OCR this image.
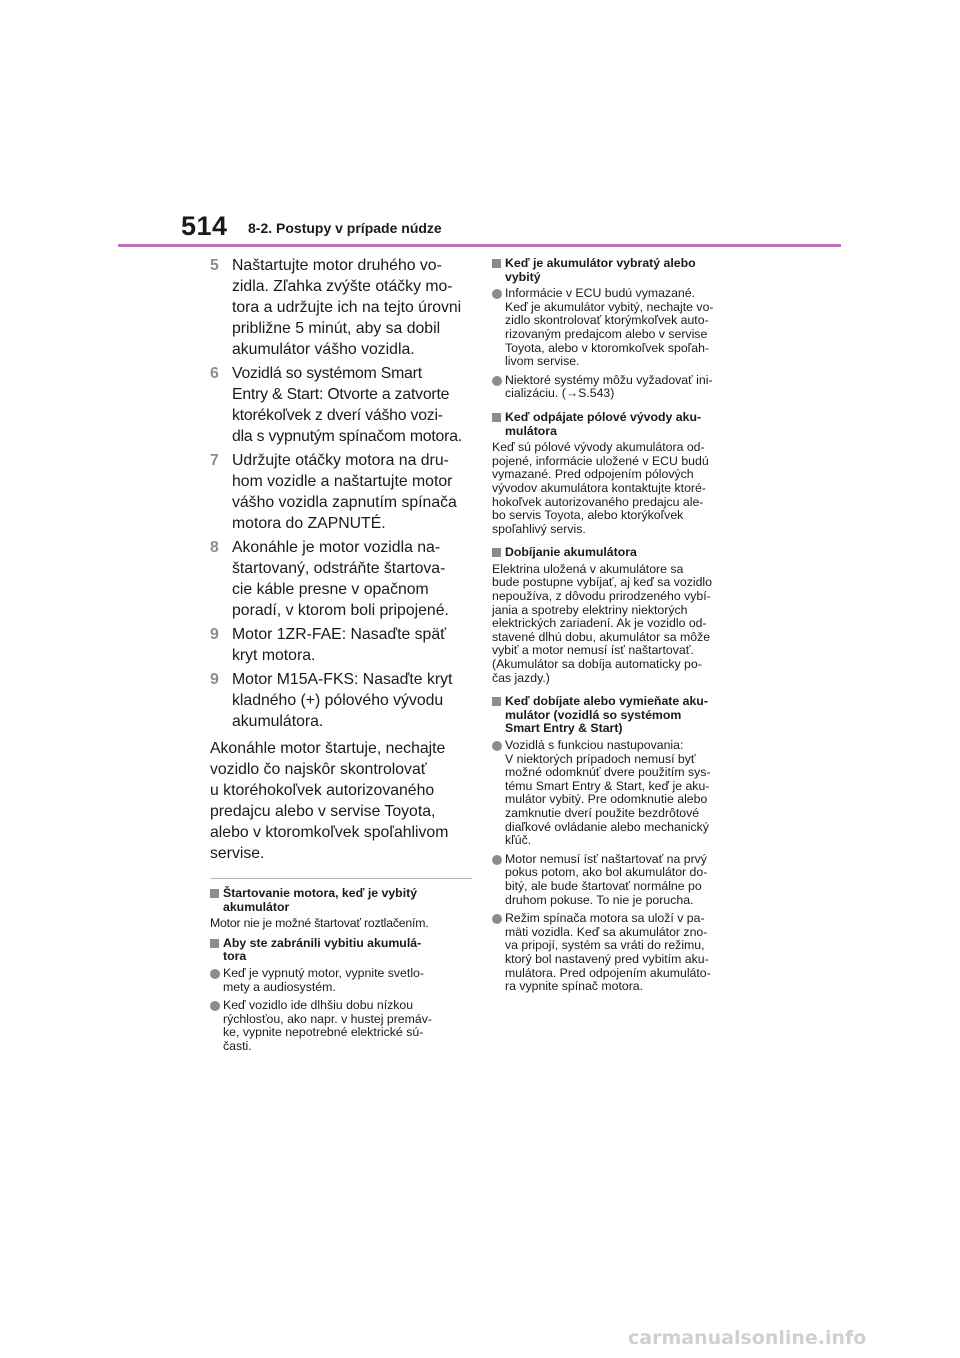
514 8-2. Postupy v prípade núdze
5 Naštartujte motor druhého vo-
zidla. Zľahka zvýšte otáčky mo-
tora a udržujte ich na tejto úrovni
približne 5 minút, aby sa dobil
akumulátor vášho vozidla.
6 Vozidlá so systémom Smart
Entry & Start: Otvorte a zatvorte
ktorékoľvek z dverí vášho vozi-
dla s vypnutým spínačom motora.
7 Udržujte otáčky motora na dru-
hom vozidle a naštartujte motor
vášho vozidla zapnutím spínača
motora do ZAPNUTÉ.
8 Akonáhle je motor vozidla na-
štartovaný, odstráňte štartova-
cie káble presne v opačnom
poradí, v ktorom boli pripojené.
9 Motor 1ZR-FAE: Nasaďte späť
kryt motora.
9 Motor M15A-FKS: Nasaďte kryt
kladného (+) pólového vývodu
akumulátora.
Akonáhle motor štartuje, nechajte
vozidlo čo najskôr skontrolovať
u ktoréhokoľvek autorizovaného
predajcu alebo v servise Toyota,
alebo v ktoromkoľvek spoľahlivom
servise.
Štartovanie motora, keď je vybitý
akumulátor
Motor nie je možné štartovať roztlačením.
Aby ste zabránili vybitiu akumulá-
tora
Keď je vypnutý motor, vypnite svetlo-
mety a audiosystém.
Keď vozidlo ide dlhšiu dobu nízkou
rýchlosťou, ako napr. v hustej premáv-
ke, vypnite nepotrebné elektrické sú-
časti.
Keď je akumulátor vybratý alebo
vybitý
Informácie v ECU budú vymazané.
Keď je akumulátor vybitý, nechajte vo-
zidlo skontrolovať ktorýmkoľvek auto-
rizovaným predajcom alebo v servise
Toyota, alebo v ktoromkoľvek spoľah-
livom servise.
Niektoré systémy môžu vyžadovať ini-
cializáciu. (→S.543)
Keď odpájate pólové vývody aku-
mulátora
Keď sú pólové vývody akumulátora od-
pojené, informácie uložené v ECU budú
vymazané. Pred odpojením pólových
vývodov akumulátora kontaktujte ktoré-
hokoľvek autorizovaného predajcu ale-
bo servis Toyota, alebo ktorýkoľvek
spoľahlivý servis.
Dobíjanie akumulátora
Elektrina uložená v akumulátore sa
bude postupne vybíjať, aj keď sa vozidlo
nepoužíva, z dôvodu prirodzeného vybí-
jania a spotreby elektriny niektorých
elektrických zariadení. Ak je vozidlo od-
stavené dlhú dobu, akumulátor sa môže
vybiť a motor nemusí ísť naštartovať.
(Akumulátor sa dobíja automaticky po-
čas jazdy.)
Keď dobíjate alebo vymieňate aku-
mulátor (vozidlá so systémom
Smart Entry & Start)
Vozidlá s funkciou nastupovania:
V niektorých prípadoch nemusí byť
možné odomknúť dvere použitím sys-
tému Smart Entry & Start, keď je aku-
mulátor vybitý. Pre odomknutie alebo
zamknutie dverí použite bezdrôtové
diaľkové ovládanie alebo mechanický
kľúč.
Motor nemusí ísť naštartovať na prvý
pokus potom, ako bol akumulátor do-
bitý, ale bude štartovať normálne po
druhom pokuse. To nie je porucha.
Režim spínača motora sa uloží v pa-
mäti vozidla. Keď sa akumulátor zno-
va pripojí, systém sa vráti do režimu,
ktorý bol nastavený pred vybitím aku-
mulátora. Pred odpojením akumuláto-
ra vypnite spínač motora.
carmanualsonline.info
